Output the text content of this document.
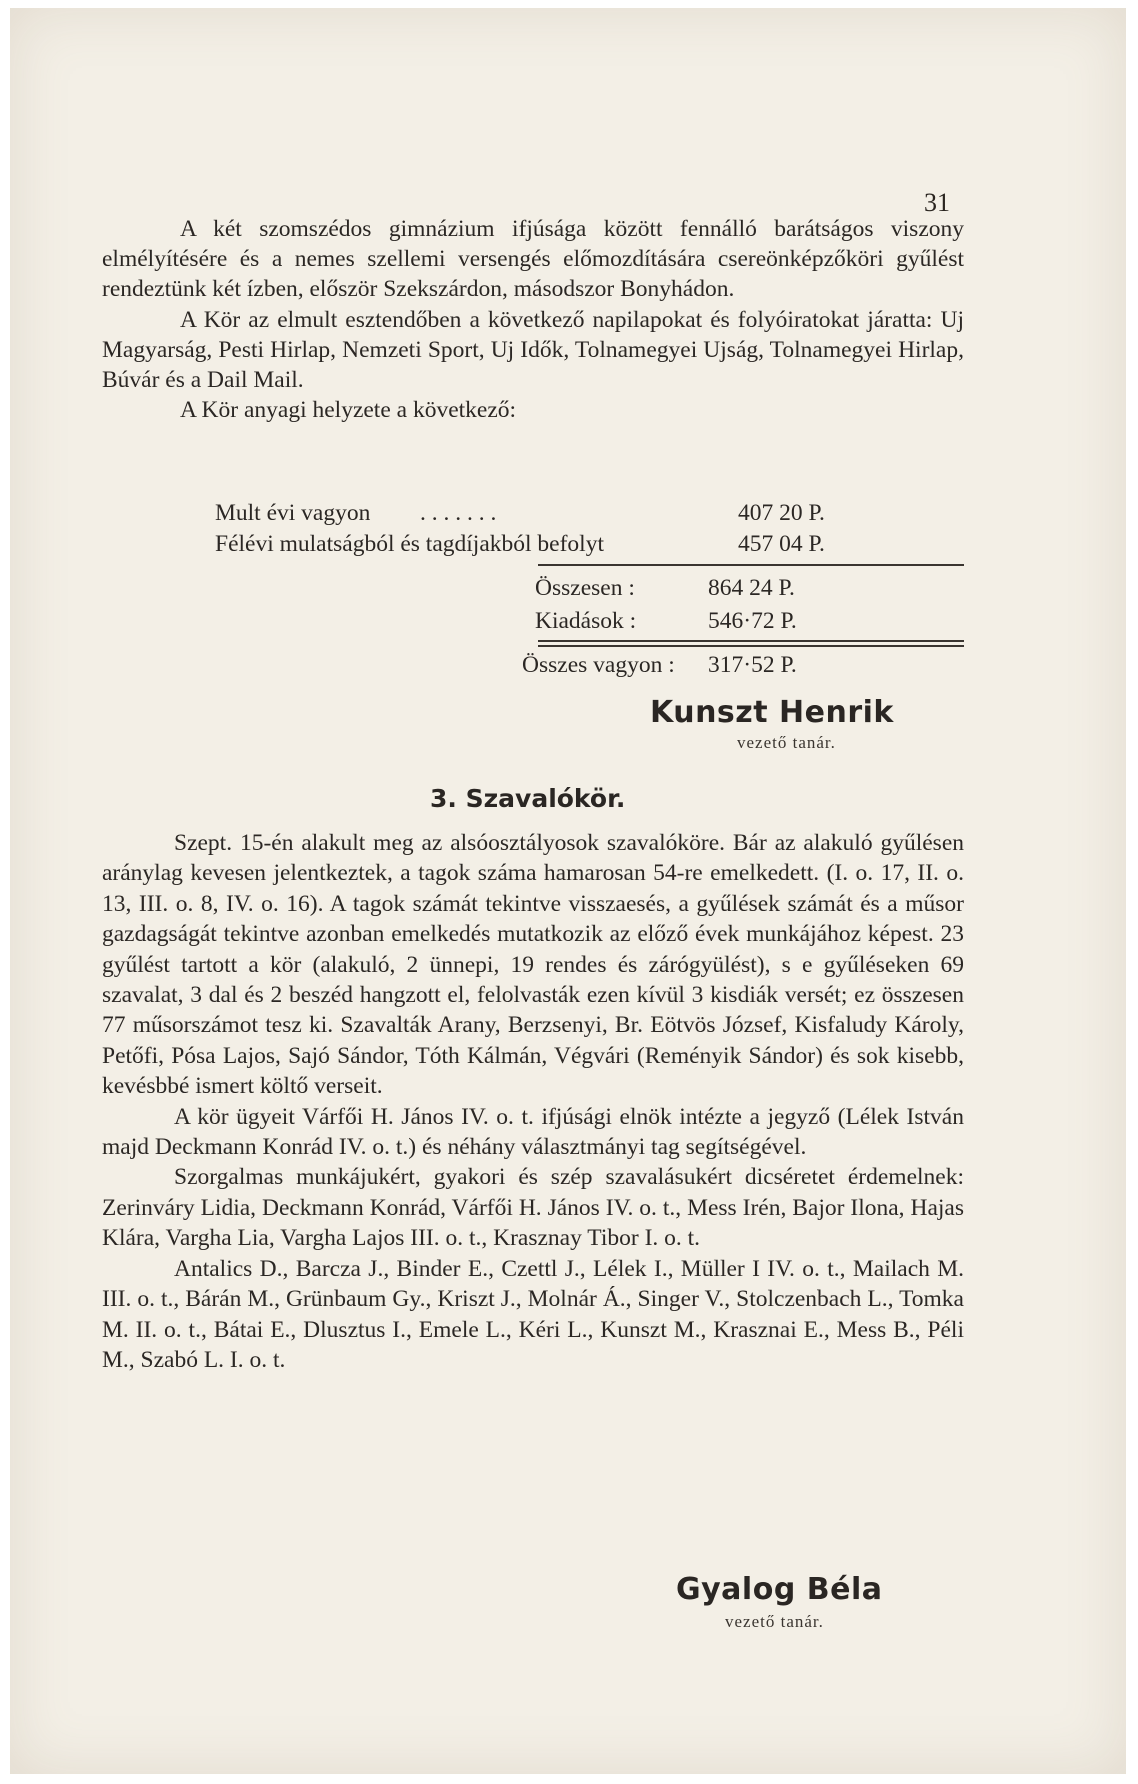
31

A két szomszédos gimnázium ifjúsága között fennálló barátságos viszony elmélyítésére és a nemes szellemi versengés előmozdítására csereönképzőköri gyűlést rendeztünk két ízben, először Szekszárdon, másodszor Bonyhádon.

A Kör az elmult esztendőben a következő napilapokat és folyóiratokat járatta: Uj Magyarság, Pesti Hirlap, Nemzeti Sport, Uj Idők, Tolnamegyei Ujság, Tolnamegyei Hirlap, Búvár és a Dail Mail.

A Kör anyagi helyzete a következő:

Mult évi vagyon . . . . . . .	407 20 P.
Félévi mulatságból és tagdíjakból befolyt	457 04 P.
Összesen :	864 24 P.
Kiadások :	546·72 P.
Összes vagyon : 317·52 P.
Kunszt Henrik
vezető tanár.
3. Szavalókör.

Szept. 15-én alakult meg az alsóosztályosok szavalóköre. Bár az alakuló gyűlésen aránylag kevesen jelentkeztek, a tagok száma hamarosan 54-re emelkedett. (I. o. 17, II. o. 13, III. o. 8, IV. o. 16). A tagok számát tekintve visszaesés, a gyűlések számát és a műsor gazdagságát tekintve azonban emelkedés mutatkozik az előző évek munkájához képest. 23 gyűlést tartott a kör (alakuló, 2 ünnepi, 19 rendes és zárógyülést), s e gyűléseken 69 szavalat, 3 dal és 2 beszéd hangzott el, felolvasták ezen kívül 3 kisdiák versét; ez összesen 77 műsorszámot tesz ki. Szavalták Arany, Berzsenyi, Br. Eötvös József, Kisfaludy Károly, Petőfi, Pósa Lajos, Sajó Sándor, Tóth Kálmán, Végvári (Reményik Sándor) és sok kisebb, kevésbbé ismert költő verseit.

A kör ügyeit Várfői H. János IV. o. t. ifjúsági elnök intézte a jegyző (Lélek István majd Deckmann Konrád IV. o. t.) és néhány választmányi tag segítségével.

Szorgalmas munkájukért, gyakori és szép szavalásukért dicséretet érdemelnek: Zerinváry Lidia, Deckmann Konrád, Várfői H. János IV. o. t., Mess Irén, Bajor Ilona, Hajas Klára, Vargha Lia, Vargha Lajos III. o. t., Krasznay Tibor I. o. t.

Antalics D., Barcza J., Binder E., Czettl J., Lélek I., Müller I IV. o. t., Mailach M. III. o. t., Bárán M., Grünbaum Gy., Kriszt J., Molnár Á., Singer V., Stolczenbach L., Tomka M. II. o. t., Bátai E., Dlusztus I., Emele L., Kéri L., Kunszt M., Krasznai E., Mess B., Péli M., Szabó L. I. o. t.

Gyalog Béla
vezető tanár.
